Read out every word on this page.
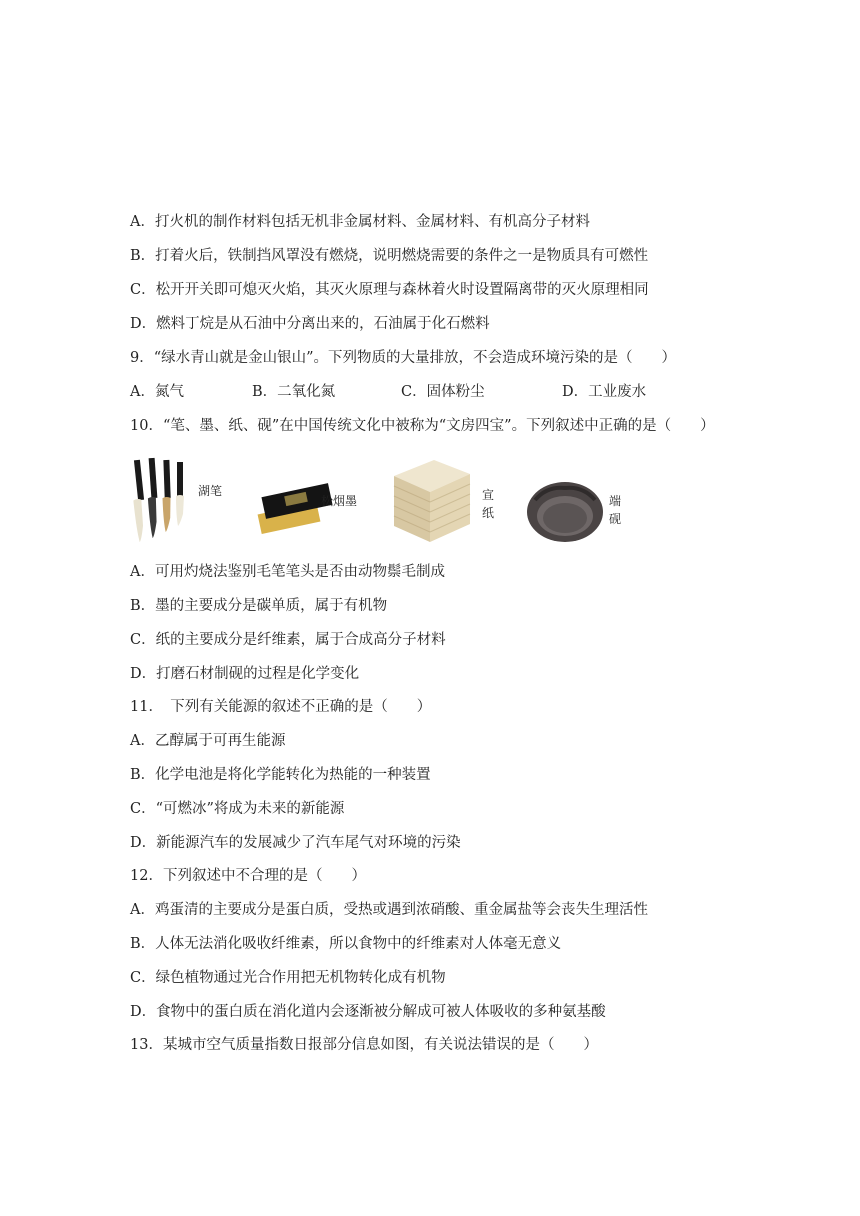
A．打火机的制作材料包括无机非金属材料、金属材料、有机高分子材料
B．打着火后，铁制挡风罩没有燃烧，说明燃烧需要的条件之一是物质具有可燃性
C．松开开关即可熄灭火焰，其灭火原理与森林着火时设置隔离带的灭火原理相同
D．燃料丁烷是从石油中分离出来的，石油属于化石燃料
9．“绿水青山就是金山银山”。下列物质的大量排放，不会造成环境污染的是（　　）
A．氮气	B．二氧化氮	C．固体粉尘	D．工业废水
10．“笔、墨、纸、砚”在中国传统文化中被称为“文房四宝”。下列叙述中正确的是（　　）
湖笔
松烟墨	宣
纸
端
砚
A．可用灼烧法鉴别毛笔笔头是否由动物鬃毛制成
B．墨的主要成分是碳单质，属于有机物
C．纸的主要成分是纤维素，属于合成高分子材料
D．打磨石材制砚的过程是化学变化
11．　下列有关能源的叙述不正确的是（　　）
A．乙醇属于可再生能源
B．化学电池是将化学能转化为热能的一种装置
C．“可燃冰”将成为未来的新能源
D．新能源汽车的发展减少了汽车尾气对环境的污染
12．下列叙述中不合理的是（　　）
A．鸡蛋清的主要成分是蛋白质，受热或遇到浓硝酸、重金属盐等会丧失生理活性
B．人体无法消化吸收纤维素，所以食物中的纤维素对人体毫无意义
C．绿色植物通过光合作用把无机物转化成有机物
D．食物中的蛋白质在消化道内会逐渐被分解成可被人体吸收的多种氨基酸
13．某城市空气质量指数日报部分信息如图，有关说法错误的是（　　）
